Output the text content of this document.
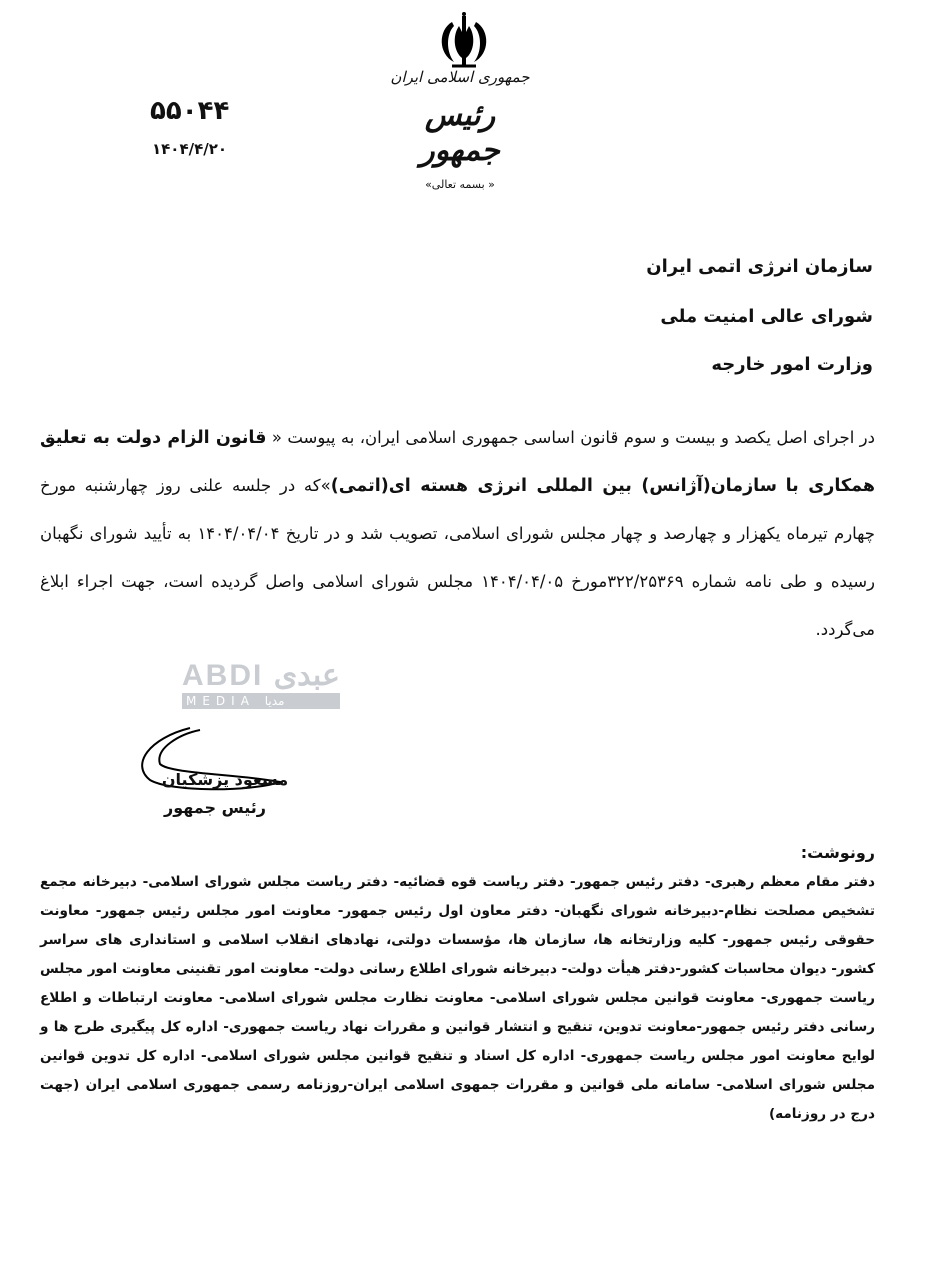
جمهوری اسلامی ایران
رئیس جمهور
« بسمه تعالی»
۵۵۰۴۴
۱۴۰۴/۴/۲۰
سازمان انرژی اتمی ایران
شورای عالی امنیت ملی
وزارت امور خارجه
در اجرای اصل یکصد و بیست و سوم قانون اساسی جمهوری اسلامی ایران، به پیوست « قانون الزام دولت به تعلیق همکاری با سازمان(آژانس) بین المللی انرژی هسته ای(اتمی)»که در جلسه علنی روز چهارشنبه مورخ چهارم تیرماه یکهزار و چهارصد و چهار مجلس شورای اسلامی، تصویب شد و در تاریخ ۱۴۰۴/۰۴/۰۴ به تأیید شورای نگهبان رسیده و طی نامه شماره ۳۲۲/۲۵۳۶۹مورخ ۱۴۰۴/۰۴/۰۵ مجلس شورای اسلامی واصل گردیده است، جهت اجراء ابلاغ می‌گردد.
ABDI عبدی
MEDIA مدیا
مسعود پزشکیان
رئیس جمهور
رونوشت:
دفتر مقام معظم رهبری- دفتر رئیس جمهور- دفتر ریاست قوه قضائیه- دفتر ریاست مجلس شورای اسلامی- دبیرخانه مجمع تشخیص مصلحت نظام-دبیرخانه شورای نگهبان- دفتر معاون اول رئیس جمهور- معاونت امور مجلس رئیس جمهور- معاونت حقوقی رئیس جمهور- کلیه وزارتخانه ها، سازمان ها، مؤسسات دولتی، نهادهای انقلاب اسلامی و استانداری های سراسر کشور- دیوان محاسبات کشور-دفتر هیأت دولت- دبیرخانه شورای اطلاع رسانی دولت- معاونت امور تقنینی معاونت امور مجلس ریاست جمهوری- معاونت قوانین مجلس شورای اسلامی- معاونت نظارت مجلس شورای اسلامی- معاونت ارتباطات و اطلاع رسانی دفتر رئیس جمهور-معاونت تدوین، تنقیح و انتشار قوانین و مقررات نهاد ریاست جمهوری- اداره کل پیگیری طرح ها و لوایح معاونت امور مجلس ریاست جمهوری- اداره کل اسناد و تنقیح قوانین مجلس شورای اسلامی- اداره کل تدوین قوانین مجلس شورای اسلامی- سامانه ملی قوانین و مقررات جمهوی اسلامی ایران-روزنامه رسمی جمهوری اسلامی ایران (جهت درج در روزنامه)
